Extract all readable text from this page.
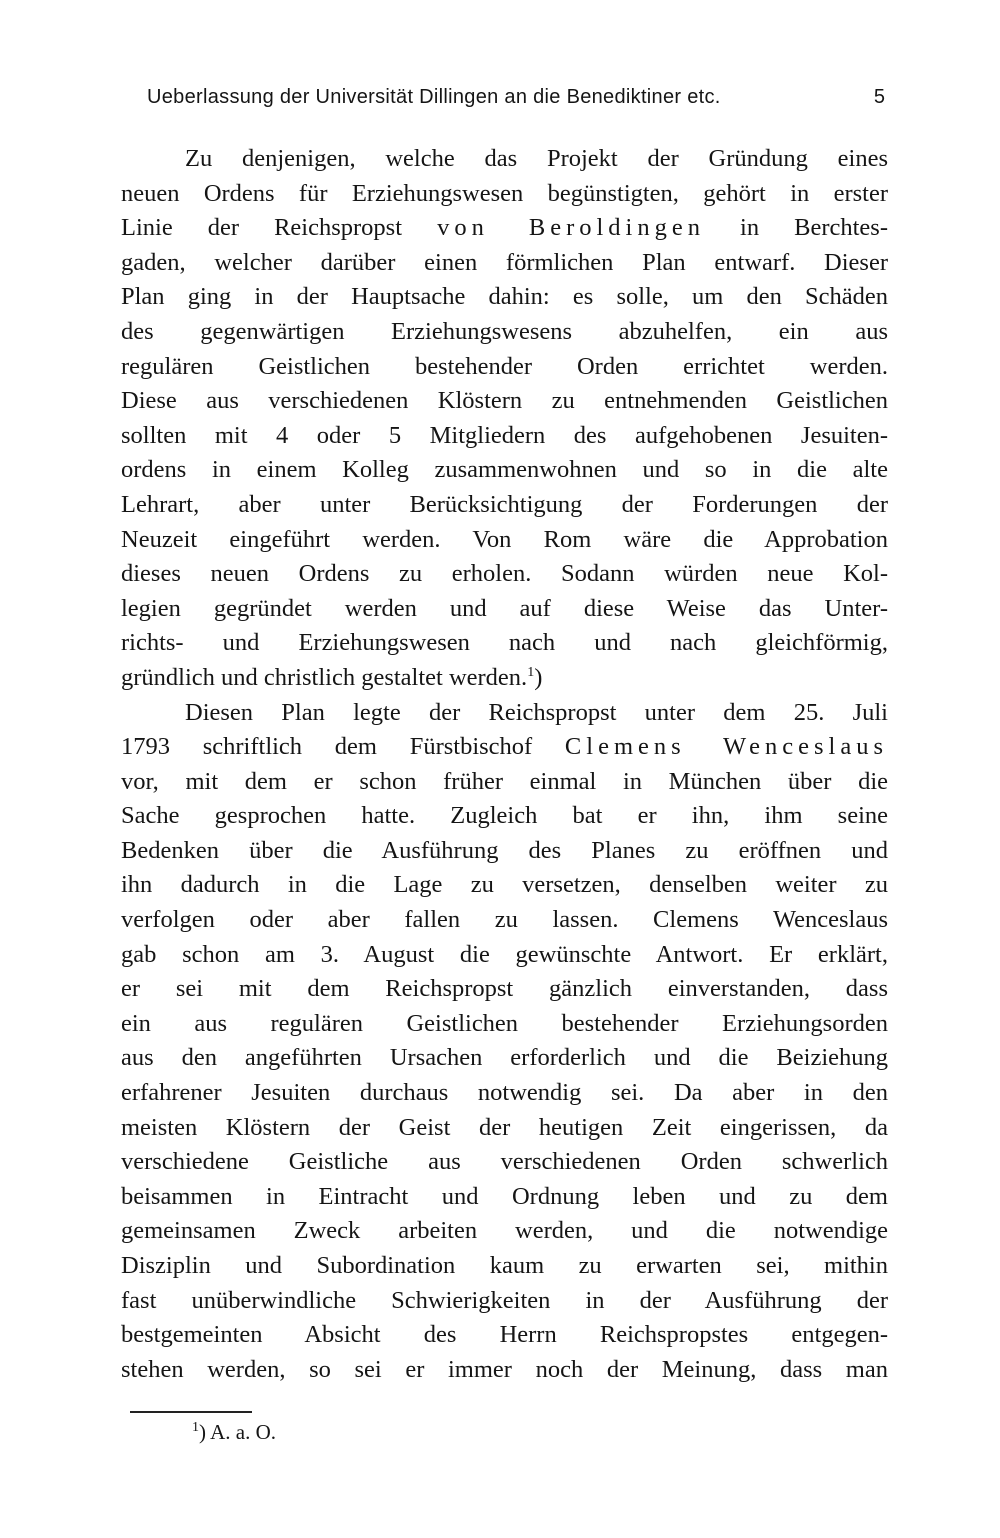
Ueberlassung der Universität Dillingen an die Benediktiner etc.	5
Zu denjenigen, welche das Projekt der Gründung eines
neuen Ordens für Erziehungswesen begünstigten, gehört in erster
Linie der Reichspropst von Beroldingen in Berchtes-
gaden, welcher darüber einen förmlichen Plan entwarf. Dieser
Plan ging in der Hauptsache dahin: es solle, um den Schäden
des gegenwärtigen Erziehungswesens abzuhelfen, ein aus
regulären Geistlichen bestehender Orden errichtet werden.
Diese aus verschiedenen Klöstern zu entnehmenden Geistlichen
sollten mit 4 oder 5 Mitgliedern des aufgehobenen Jesuiten-
ordens in einem Kolleg zusammenwohnen und so in die alte
Lehrart, aber unter Berücksichtigung der Forderungen der
Neuzeit eingeführt werden. Von Rom wäre die Approbation
dieses neuen Ordens zu erholen. Sodann würden neue Kol-
legien gegründet werden und auf diese Weise das Unter-
richts- und Erziehungswesen nach und nach gleichförmig,
gründlich und christlich gestaltet werden.$^1$)
Diesen Plan legte der Reichspropst unter dem 25. Juli
1793 schriftlich dem Fürstbischof Clemens Wenceslaus
vor, mit dem er schon früher einmal in München über die
Sache gesprochen hatte. Zugleich bat er ihn, ihm seine
Bedenken über die Ausführung des Planes zu eröffnen und
ihn dadurch in die Lage zu versetzen, denselben weiter zu
verfolgen oder aber fallen zu lassen. Clemens Wenceslaus
gab schon am 3. August die gewünschte Antwort. Er erklärt,
er sei mit dem Reichspropst gänzlich einverstanden, dass
ein aus regulären Geistlichen bestehender Erziehungsorden
aus den angeführten Ursachen erforderlich und die Beiziehung
erfahrener Jesuiten durchaus notwendig sei. Da aber in den
meisten Klöstern der Geist der heutigen Zeit eingerissen, da
verschiedene Geistliche aus verschiedenen Orden schwerlich
beisammen in Eintracht und Ordnung leben und zu dem
gemeinsamen Zweck arbeiten werden, und die notwendige
Disziplin und Subordination kaum zu erwarten sei, mithin
fast unüberwindliche Schwierigkeiten in der Ausführung der
bestgemeinten Absicht des Herrn Reichspropstes entgegen-
stehen werden, so sei er immer noch der Meinung, dass man
$^1$) A. a. O.
